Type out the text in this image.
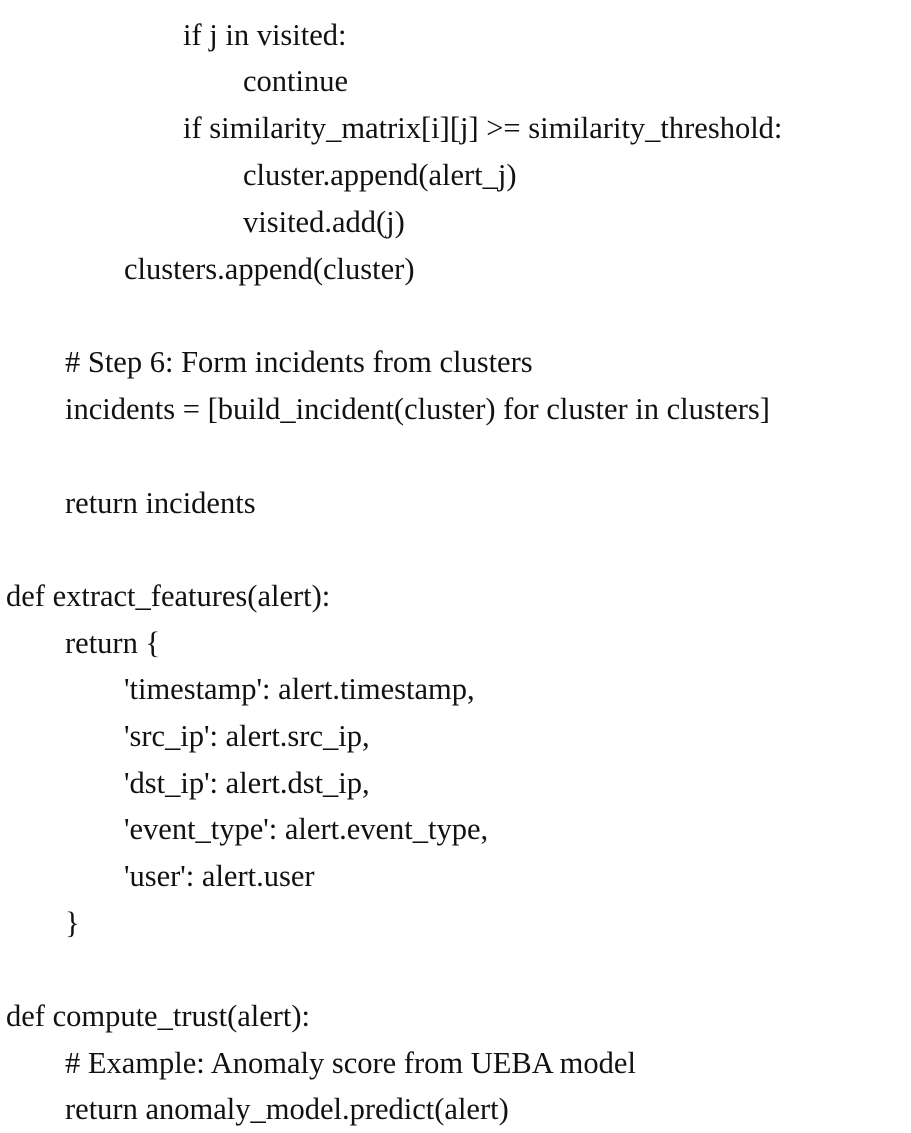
if j in visited:
continue
if similarity_matrix[i][j] >= similarity_threshold:
cluster.append(alert_j)
visited.add(j)
clusters.append(cluster)
# Step 6: Form incidents from clusters
incidents = [build_incident(cluster) for cluster in clusters]
return incidents
def extract_features(alert):
return {
'timestamp': alert.timestamp,
'src_ip': alert.src_ip,
'dst_ip': alert.dst_ip,
'event_type': alert.event_type,
'user': alert.user
}
def compute_trust(alert):
# Example: Anomaly score from UEBA model
return anomaly_model.predict(alert)
